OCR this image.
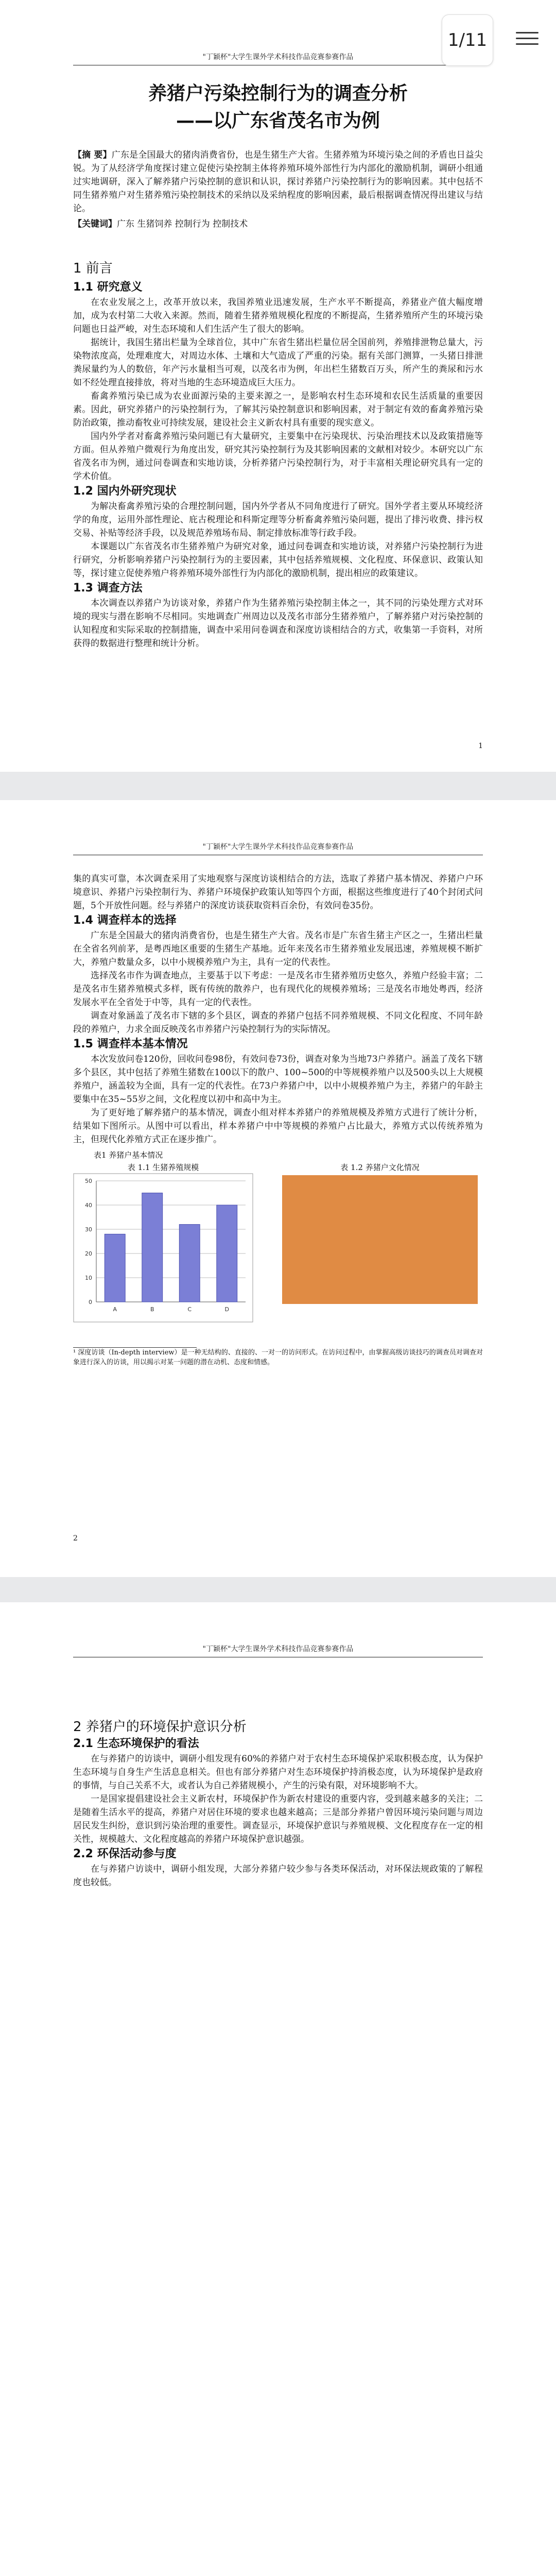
1/11
"丁颖杯"大学生课外学术科技作品竞赛参赛作品
养猪户污染控制行为的调查分析
——以广东省茂名市为例
【摘 要】广东是全国最大的猪肉消费省份，也是生猪生产大省。生猪养殖为环境污染之间的矛盾也日益尖锐。为了从经济学角度探讨建立促使污染控制主体将养殖环境外部性行为内部化的激励机制，调研小组通过实地调研，深入了解养猪户污染控制的意识和认识，探讨养猪户污染控制行为的影响因素。其中包括不同生猪养殖户对生猪养殖污染控制技术的采纳以及采纳程度的影响因素，最后根据调查情况得出建议与结论。
【关键词】广东 生猪饲养 控制行为 控制技术
1 前言
1.1 研究意义

在农业发展之上，改革开放以来，我国养殖业迅速发展，生产水平不断提高，养猪业产值大幅度增加，成为农村第二大收入来源。然而，随着生猪养殖规模化程度的不断提高，生猪养殖所产生的环境污染问题也日益严峻，对生态环境和人们生活产生了很大的影响。

据统计，我国生猪出栏量为全球首位，其中广东省生猪出栏量位居全国前列，养殖排泄物总量大，污染物浓度高，处理难度大，对周边水体、土壤和大气造成了严重的污染。据有关部门测算，一头猪日排泄粪尿量约为人的数倍，年产污水量相当可观，以茂名市为例，年出栏生猪数百万头，所产生的粪尿和污水如不经处理直接排放，将对当地的生态环境造成巨大压力。

畜禽养殖污染已成为农业面源污染的主要来源之一，是影响农村生态环境和农民生活质量的重要因素。因此，研究养猪户的污染控制行为，了解其污染控制意识和影响因素，对于制定有效的畜禽养殖污染防治政策，推动畜牧业可持续发展，建设社会主义新农村具有重要的现实意义。

国内外学者对畜禽养殖污染问题已有大量研究，主要集中在污染现状、污染治理技术以及政策措施等方面。但从养殖户微观行为角度出发，研究其污染控制行为及其影响因素的文献相对较少。本研究以广东省茂名市为例，通过问卷调查和实地访谈，分析养猪户污染控制行为，对于丰富相关理论研究具有一定的学术价值。

1.2 国内外研究现状

为解决畜禽养殖污染的合理控制问题，国内外学者从不同角度进行了研究。国外学者主要从环境经济学的角度，运用外部性理论、庇古税理论和科斯定理等分析畜禽养殖污染问题，提出了排污收费、排污权交易、补贴等经济手段，以及规范养殖场布局、制定排放标准等行政手段。

本课题以广东省茂名市生猪养殖户为研究对象，通过问卷调查和实地访谈，对养猪户污染控制行为进行研究，分析影响养猪户污染控制行为的主要因素，其中包括养殖规模、文化程度、环保意识、政策认知等，探讨建立促使养殖户将养殖环境外部性行为内部化的激励机制，提出相应的政策建议。

1.3 调查方法

本次调查以养猪户为访谈对象，养猪户作为生猪养殖污染控制主体之一，其不同的污染处理方式对环境的现实与潜在影响不尽相同。实地调查广州周边以及茂名市部分生猪养殖户，了解养猪户对污染控制的认知程度和实际采取的控制措施，调查中采用问卷调查和深度访谈相结合的方式，收集第一手资料，对所获得的数据进行整理和统计分析。

1
"丁颖杯"大学生课外学术科技作品竞赛参赛作品

集的真实可靠，本次调查采用了实地观察与深度访谈相结合的方法，选取了养猪户基本情况、养猪户户环境意识、养猪户污染控制行为、养猪户环境保护政策认知等四个方面，根据这些维度进行了40个封闭式问题，5个开放性问题。经与养猪户的深度访谈获取资料百余份，有效问卷35份。

1.4 调查样本的选择

广东是全国最大的猪肉消费省份，也是生猪生产大省。茂名市是广东省生猪主产区之一，生猪出栏量在全省名列前茅，是粤西地区重要的生猪生产基地。近年来茂名市生猪养殖业发展迅速，养殖规模不断扩大，养殖户数量众多，以中小规模养殖户为主，具有一定的代表性。

选择茂名市作为调查地点，主要基于以下考虑：一是茂名市生猪养殖历史悠久，养殖户经验丰富；二是茂名市生猪养殖模式多样，既有传统的散养户，也有现代化的规模养殖场；三是茂名市地处粤西，经济发展水平在全省处于中等，具有一定的代表性。

调查对象涵盖了茂名市下辖的多个县区，调查的养猪户包括不同养殖规模、不同文化程度、不同年龄段的养殖户，力求全面反映茂名市养猪户污染控制行为的实际情况。

1.5 调查样本基本情况

本次发放问卷120份，回收问卷98份，有效问卷73份，调查对象为当地73户养猪户。涵盖了茂名下辖多个县区，其中包括了养殖生猪数在100以下的散户、100~500的中等规模养殖户以及500头以上大规模养殖户，涵盖较为全面，具有一定的代表性。在73户养猪户中，以中小规模养殖户为主，养猪户的年龄主要集中在35~55岁之间，文化程度以初中和高中为主。

为了更好地了解养猪户的基本情况，调查小组对样本养猪户的养殖规模及养殖方式进行了统计分析，结果如下图所示。从图中可以看出，样本养猪户中中等规模的养殖户占比最大，养殖方式以传统养殖为主，但现代化养殖方式正在逐步推广。

表1 养猪户基本情况
表 1.1 生猪养殖规模
0
10
20
30
40
50
A	B	C	D
表 1.2 养猪户文化情况
¹ 深度访谈（In-depth interview）是一种无结构的、直接的、一对一的访问形式。在访问过程中，由掌握高级访谈技巧的调查员对调查对象进行深入的访谈，用以揭示对某一问题的潜在动机、态度和情感。
2
"丁颖杯"大学生课外学术科技作品竞赛参赛作品
2 养猪户的环境保护意识分析
2.1 生态环境保护的看法

在与养猪户的访谈中，调研小组发现有60%的养猪户对于农村生态环境保护采取积极态度，认为保护生态环境与自身生产生活息息相关。但也有部分养猪户对生态环境保护持消极态度，认为环境保护是政府的事情，与自己关系不大，或者认为自己养猪规模小，产生的污染有限，对环境影响不大。

一是国家提倡建设社会主义新农村，环境保护作为新农村建设的重要内容，受到越来越多的关注；二是随着生活水平的提高，养猪户对居住环境的要求也越来越高；三是部分养猪户曾因环境污染问题与周边居民发生纠纷，意识到污染治理的重要性。调查显示，环境保护意识与养殖规模、文化程度存在一定的相关性，规模越大、文化程度越高的养猪户环境保护意识越强。

2.2 环保活动参与度

在与养猪户访谈中，调研小组发现，大部分养猪户较少参与各类环保活动，对环保法规政策的了解程度也较低。
